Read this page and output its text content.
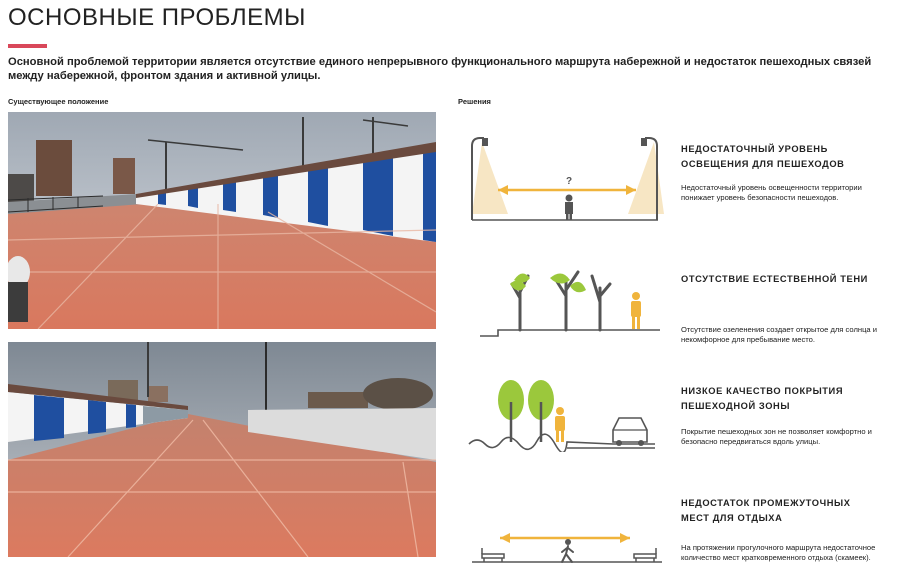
ОСНОВНЫЕ ПРОБЛЕМЫ
Основной проблемой территории является отсутствие единого непрерывного функционального маршрута набережной и недостаток пешеходных связей между набережной, фронтом здания и активной улицы.
Существующее положение	Решения
?
НЕДОСТАТОЧНЫЙ УРОВЕНЬ ОСВЕЩЕНИЯ ДЛЯ ПЕШЕХОДОВ
Недостаточный уровень освещенности территории понижает уровень безопасности пешеходов.
ОТСУТСТВИЕ ЕСТЕСТВЕННОЙ ТЕНИ
Отсутствие озеленения создает открытое для солнца и некомфорное для пребывание место.
НИЗКОЕ КАЧЕСТВО ПОКРЫТИЯ ПЕШЕХОДНОЙ ЗОНЫ
Покрытие пешеходных зон не позволяет комфортно и безопасно передвигаться вдоль улицы.
НЕДОСТАТОК ПРОМЕЖУТОЧНЫХ МЕСТ ДЛЯ ОТДЫХА
На протяжении прогулочного маршрута недостаточное количество мест кратковременного отдыха (скамеек).
